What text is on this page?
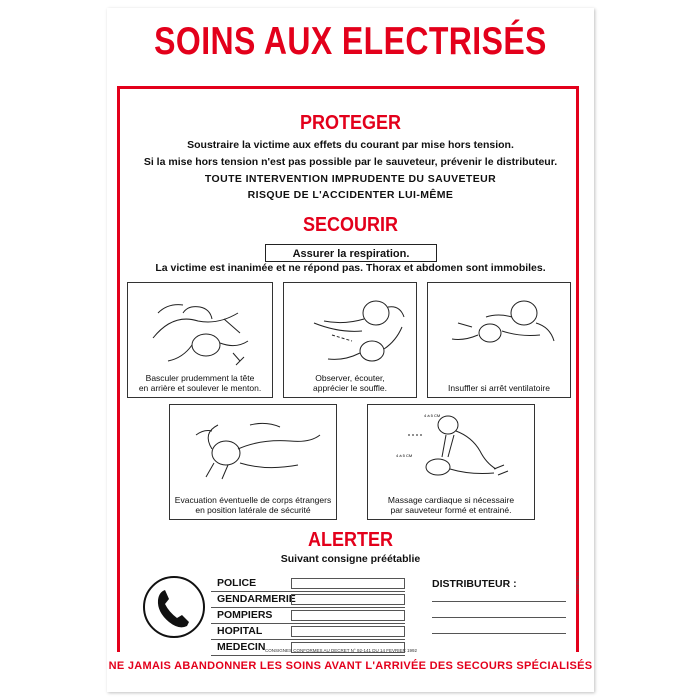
SOINS AUX ELECTRISÉS
PROTEGER
Soustraire la victime aux effets du courant par mise hors tension.
Si la mise hors tension n'est pas possible par le sauveteur, prévenir le distributeur.
TOUTE INTERVENTION IMPRUDENTE DU SAUVETEUR
RISQUE DE L'ACCIDENTER LUI-MÊME
SECOURIR
Assurer la respiration.
La victime est inanimée et ne répond pas. Thorax et abdomen sont immobiles.
Basculer prudemment la tête
en arrière et soulever le menton.
Observer, écouter,
apprécier le souffle.	Insuffler si arrêt ventilatoire
Evacuation éventuelle de corps étrangers
en position latérale de sécurité
4 à 5 CM
4 à 5 CM
Massage cardiaque si nécessaire
par sauveteur formé et entrainé.
ALERTER
Suivant consigne préétablie
POLICE
GENDARMERIE
POMPIERS
HOPITAL
MEDECIN
DISTRIBUTEUR :
CONSIGNES CONFORMES AU DECRET N° 92-141 DU 14 FEVRIER 1992
ETV 8014 - 1
NE JAMAIS ABANDONNER LES SOINS AVANT L'ARRIVÉE DES SECOURS SPÉCIALISÉS
